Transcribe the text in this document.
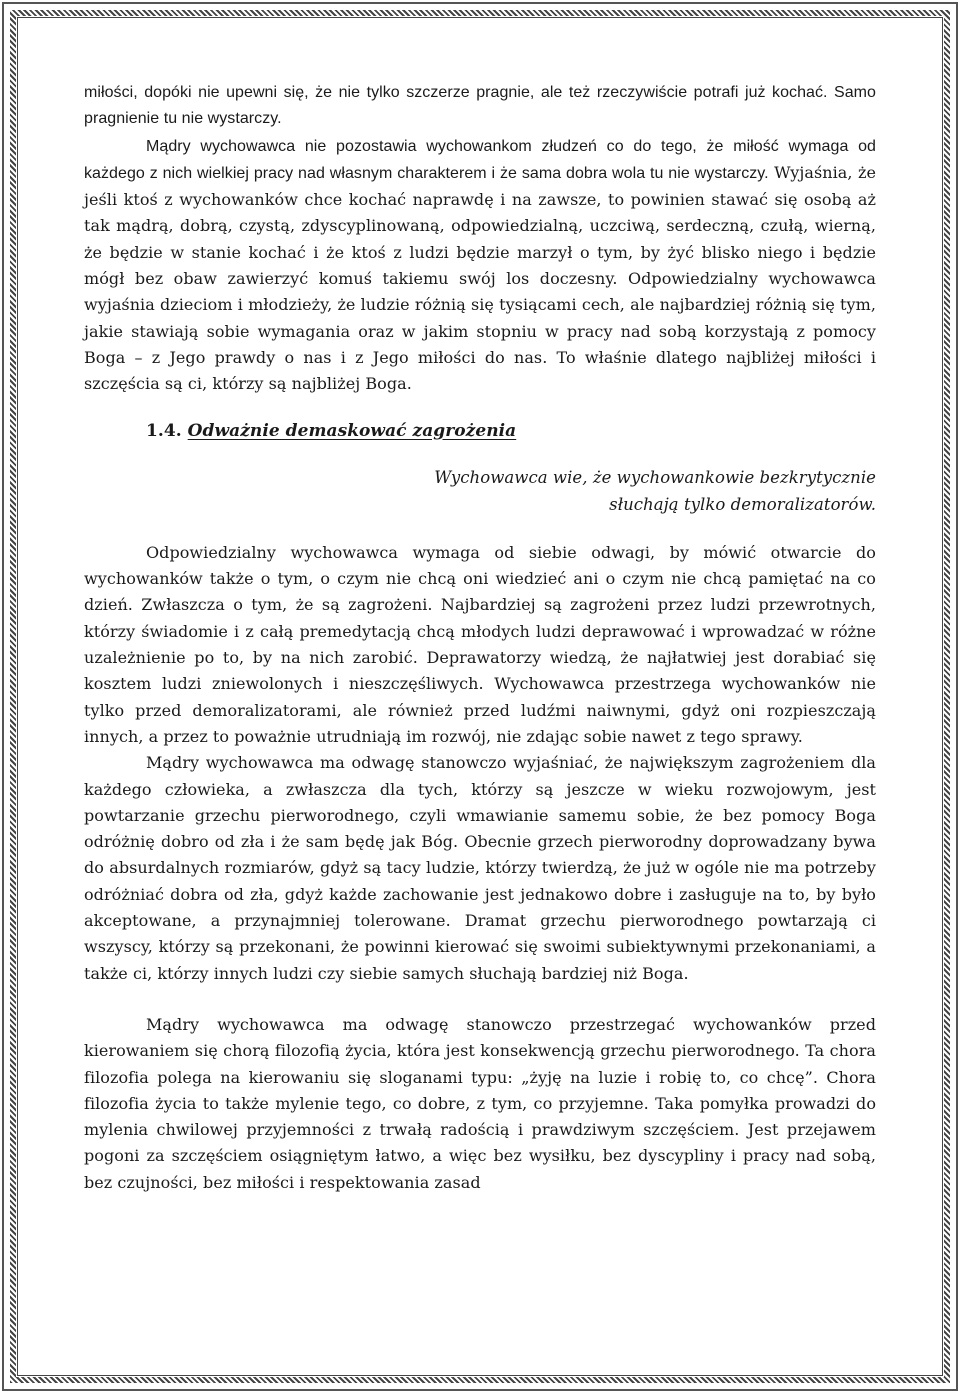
miłości, dopóki nie upewni się, że nie tylko szczerze pragnie, ale też rzeczywiście potrafi już kochać. Samo pragnienie tu nie wystarczy.

Mądry wychowawca nie pozostawia wychowankom złudzeń co do tego, że miłość wymaga od każdego z nich wielkiej pracy nad własnym charakterem i że sama dobra wola tu nie wystarczy. Wyjaśnia, że jeśli ktoś z wychowanków chce kochać naprawdę i na zawsze, to powinien stawać się osobą aż tak mądrą, dobrą, czystą, zdyscyplinowaną, odpowiedzialną, uczciwą, serdeczną, czułą, wierną, że będzie w stanie kochać i że ktoś z ludzi będzie marzył o tym, by żyć blisko niego i będzie mógł bez obaw zawierzyć komuś takiemu swój los doczesny. Odpowiedzialny wychowawca wyjaśnia dzieciom i młodzieży, że ludzie różnią się tysiącami cech, ale najbardziej różnią się tym, jakie stawiają sobie wymagania oraz w jakim stopniu w pracy nad sobą korzystają z pomocy Boga – z Jego prawdy o nas i z Jego miłości do nas. To właśnie dlatego najbliżej miłości i szczęścia są ci, którzy są najbliżej Boga.

1.4. Odważnie demaskować zagrożenia
Wychowawca wie, że wychowankowie bezkrytycznie
słuchają tylko demoralizatorów.

Odpowiedzialny wychowawca wymaga od siebie odwagi, by mówić otwarcie do wychowanków także o tym, o czym nie chcą oni wiedzieć ani o czym nie chcą pamiętać na co dzień. Zwłaszcza o tym, że są zagrożeni. Najbardziej są zagrożeni przez ludzi przewrotnych, którzy świadomie i z całą premedytacją chcą młodych ludzi deprawować i wprowadzać w różne uzależnienie po to, by na nich zarobić. Deprawatorzy wiedzą, że najłatwiej jest dorabiać się kosztem ludzi zniewolonych i nieszczęśliwych. Wychowawca przestrzega wychowanków nie tylko przed demoralizatorami, ale również przed ludźmi naiwnymi, gdyż oni rozpieszczają innych, a przez to poważnie utrudniają im rozwój, nie zdając sobie nawet z tego sprawy.

Mądry wychowawca ma odwagę stanowczo wyjaśniać, że największym zagrożeniem dla każdego człowieka, a zwłaszcza dla tych, którzy są jeszcze w wieku rozwojowym, jest powtarzanie grzechu pierworodnego, czyli wmawianie samemu sobie, że bez pomocy Boga odróżnię dobro od zła i że sam będę jak Bóg. Obecnie grzech pierworodny doprowadzany bywa do absurdalnych rozmiarów, gdyż są tacy ludzie, którzy twierdzą, że już w ogóle nie ma potrzeby odróżniać dobra od zła, gdyż każde zachowanie jest jednakowo dobre i zasługuje na to, by było akceptowane, a przynajmniej tolerowane. Dramat grzechu pierworodnego powtarzają ci wszyscy, którzy są przekonani, że powinni kierować się swoimi subiektywnymi przekonaniami, a także ci, którzy innych ludzi czy siebie samych słuchają bardziej niż Boga.

Mądry wychowawca ma odwagę stanowczo przestrzegać wychowanków przed kierowaniem się chorą filozofią życia, która jest konsekwencją grzechu pierworodnego. Ta chora filozofia polega na kierowaniu się sloganami typu: „żyję na luzie i robię to, co chcę”. Chora filozofia życia to także mylenie tego, co dobre, z tym, co przyjemne. Taka pomyłka prowadzi do mylenia chwilowej przyjemności z trwałą radością i prawdziwym szczęściem. Jest przejawem pogoni za szczęściem osiągniętym łatwo, a więc bez wysiłku, bez dyscypliny i pracy nad sobą, bez czujności, bez miłości i respektowania zasad
